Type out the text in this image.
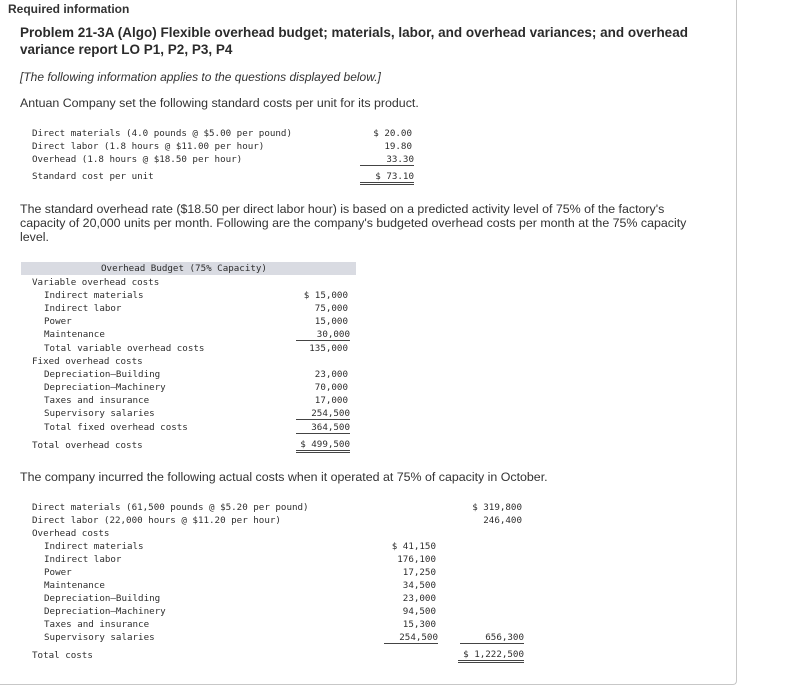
Required information
Problem 21-3A (Algo) Flexible overhead budget; materials, labor, and overhead variances; and overhead
variance report LO P1, P2, P3, P4
[The following information applies to the questions displayed below.]
Antuan Company set the following standard costs per unit for its product.
Direct materials (4.0 pounds @ $5.00 per pound)	$ 20.00
Direct labor (1.8 hours @ $11.00 per hour)	19.80
Overhead (1.8 hours @ $18.50 per hour)	33.30
Standard cost per unit	$ 73.10
The standard overhead rate ($18.50 per direct labor hour) is based on a predicted activity level of 75% of the factory's
capacity of 20,000 units per month. Following are the company's budgeted overhead costs per month at the 75% capacity
level.
Overhead Budget (75% Capacity)
Variable overhead costs
Indirect materials	$ 15,000
Indirect labor	75,000
Power	15,000
Maintenance	30,000
Total variable overhead costs	135,000
Fixed overhead costs
Depreciation—Building	23,000
Depreciation—Machinery	70,000
Taxes and insurance	17,000
Supervisory salaries	254,500
Total fixed overhead costs	364,500
Total overhead costs	$ 499,500
The company incurred the following actual costs when it operated at 75% of capacity in October.
Direct materials (61,500 pounds @ $5.20 per pound)	$ 319,800
Direct labor (22,000 hours @ $11.20 per hour)	246,400
Overhead costs
Indirect materials	$ 41,150
Indirect labor	176,100
Power	17,250
Maintenance	34,500
Depreciation—Building	23,000
Depreciation—Machinery	94,500
Taxes and insurance	15,300
Supervisory salaries	254,500	656,300
Total costs	$ 1,222,500
